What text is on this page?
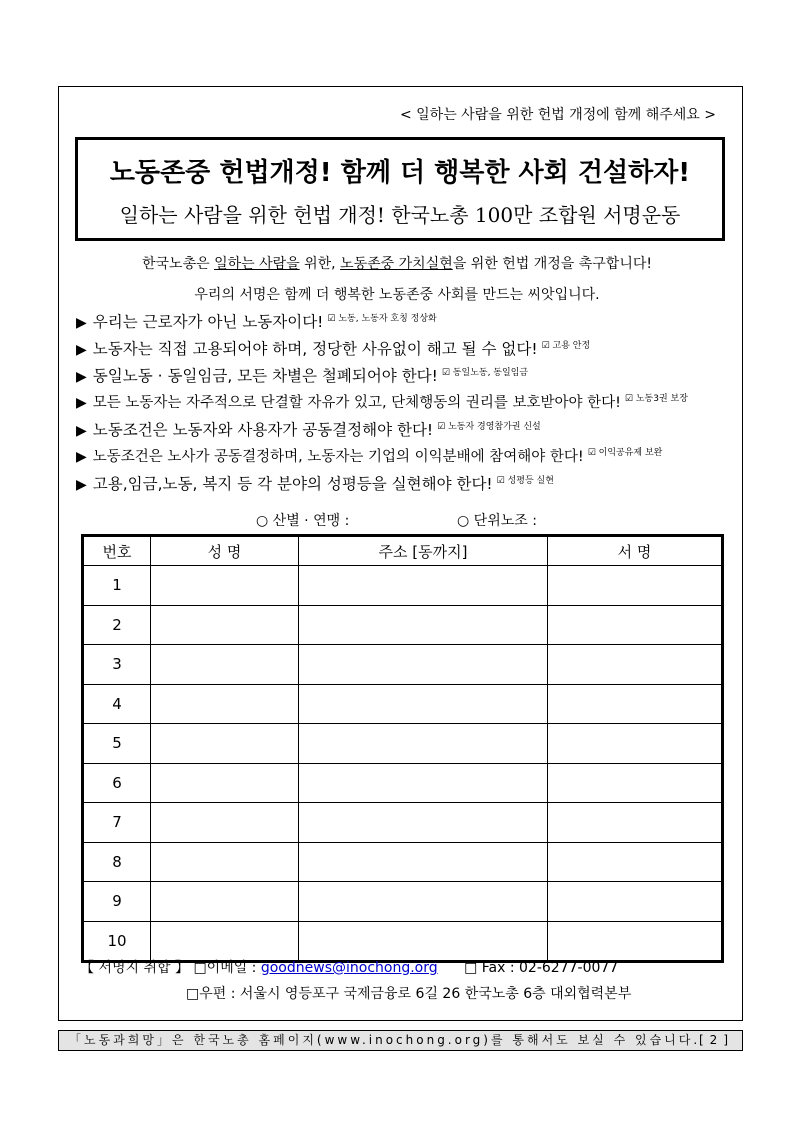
< 일하는 사람을 위한 헌법 개정에 함께 해주세요 >
노동존중 헌법개정! 함께 더 행복한 사회 건설하자!
일하는 사람을 위한 헌법 개정! 한국노총 100만 조합원 서명운동
한국노총은 일하는 사람을 위한, 노동존중 가치실현을 위한 헌법 개정을 촉구합니다!
우리의 서명은 함께 더 행복한 노동존중 사회를 만드는 씨앗입니다.
▶ 우리는 근로자가 아닌 노동자이다! $^{☑ 노동, 노동자 호칭 정상화}$
▶ 노동자는 직접 고용되어야 하며, 정당한 사유없이 해고 될 수 없다! $^{☑ 고용 안정}$
▶ 동일노동 · 동일임금, 모든 차별은 철폐되어야 한다! $^{☑ 동일노동, 동일임금}$
▶ 모든 노동자는 자주적으로 단결할 자유가 있고, 단체행동의 권리를 보호받아야 한다! $^{☑ 노동3권 보장}$
▶ 노동조건은 노동자와 사용자가 공동결정해야 한다! $^{☑ 노동자 경영참가권 신설}$
▶ 노동조건은 노사가 공동결정하며, 노동자는 기업의 이익분배에 참여해야 한다! $^{☑ 이익공유제 보완}$
▶ 고용,임금,노동, 복지 등 각 분야의 성평등을 실현해야 한다! $^{☑ 성평등 실현}$
○ 산별 · 연맹 :	○ 단위노조 :
번호	성 명	주소 [동까지]	서 명
1			
2			
3			
4			
5			
6			
7			
8			
9			
10			
【 서명지 취합 】 □이메일 : goodnews@inochong.org □ Fax : 02-6277-0077
□우편 : 서울시 영등포구 국제금융로 6길 26 한국노총 6층 대외협력본부
「노동과희망」은 한국노총 홈페이지(www.inochong.org)를 통해서도 보실 수 있습니다.
[2]
